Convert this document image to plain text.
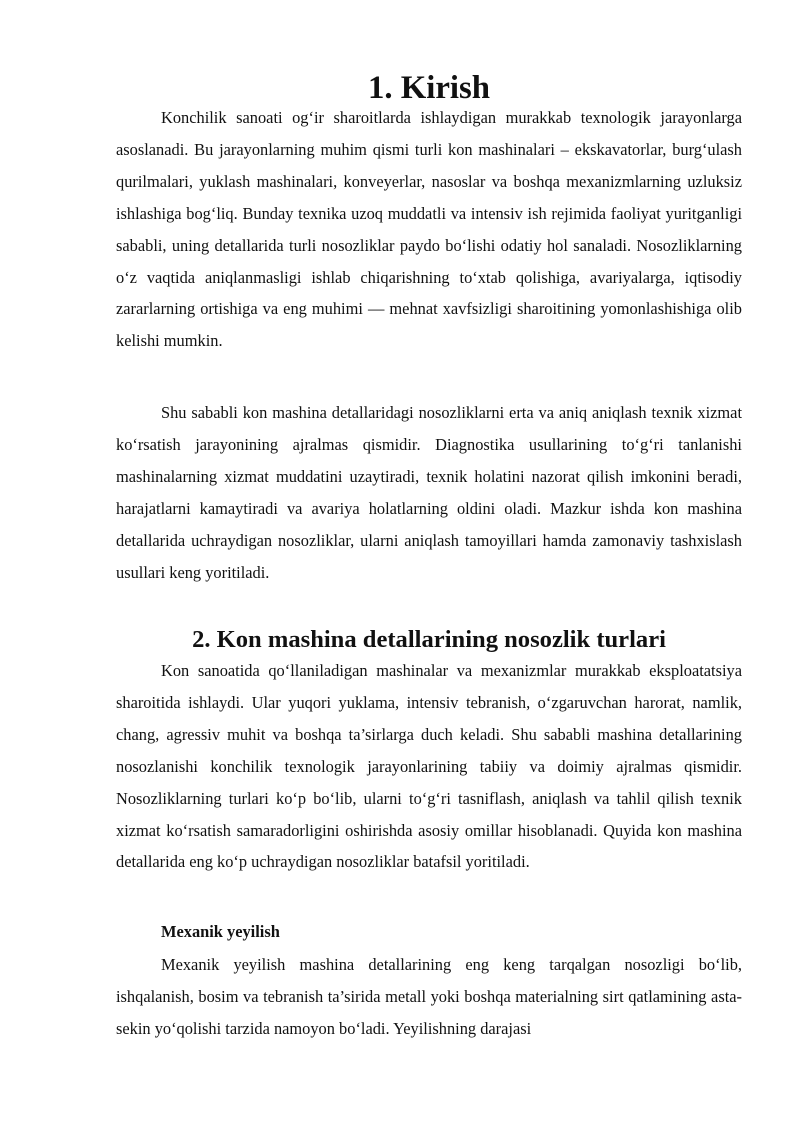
1. Kirish

Konchilik sanoati og‘ir sharoitlarda ishlaydigan murakkab texnologik jarayonlarga asoslanadi. Bu jarayonlarning muhim qismi turli kon mashinalari – ekskavatorlar, burg‘ulash qurilmalari, yuklash mashinalari, konveyerlar, nasoslar va boshqa mexanizmlarning uzluksiz ishlashiga bog‘liq. Bunday texnika uzoq muddatli va intensiv ish rejimida faoliyat yuritganligi sababli, uning detallarida turli nosozliklar paydo bo‘lishi odatiy hol sanaladi. Nosozliklarning o‘z vaqtida aniqlanmasligi ishlab chiqarishning to‘xtab qolishiga, avariyalarga, iqtisodiy zararlarning ortishiga va eng muhimi — mehnat xavfsizligi sharoitining yomonlashishiga olib kelishi mumkin.

Shu sababli kon mashina detallaridagi nosozliklarni erta va aniq aniqlash texnik xizmat ko‘rsatish jarayonining ajralmas qismidir. Diagnostika usullarining to‘g‘ri tanlanishi mashinalarning xizmat muddatini uzaytiradi, texnik holatini nazorat qilish imkonini beradi, harajatlarni kamaytiradi va avariya holatlarning oldini oladi. Mazkur ishda kon mashina detallarida uchraydigan nosozliklar, ularni aniqlash tamoyillari hamda zamonaviy tashxislash usullari keng yoritiladi.

2. Kon mashina detallarining nosozlik turlari

Kon sanoatida qo‘llaniladigan mashinalar va mexanizmlar murakkab eksploatatsiya sharoitida ishlaydi. Ular yuqori yuklama, intensiv tebranish, o‘zgaruvchan harorat, namlik, chang, agressiv muhit va boshqa ta’sirlarga duch keladi. Shu sababli mashina detallarining nosozlanishi konchilik texnologik jarayonlarining tabiiy va doimiy ajralmas qismidir. Nosozliklarning turlari ko‘p bo‘lib, ularni to‘g‘ri tasniflash, aniqlash va tahlil qilish texnik xizmat ko‘rsatish samaradorligini oshirishda asosiy omillar hisoblanadi. Quyida kon mashina detallarida eng ko‘p uchraydigan nosozliklar batafsil yoritiladi.

Mexanik yeyilish

Mexanik yeyilish mashina detallarining eng keng tarqalgan nosozligi bo‘lib, ishqalanish, bosim va tebranish ta’sirida metall yoki boshqa materialning sirt qatlamining asta-sekin yo‘qolishi tarzida namoyon bo‘ladi. Yeyilishning darajasi
